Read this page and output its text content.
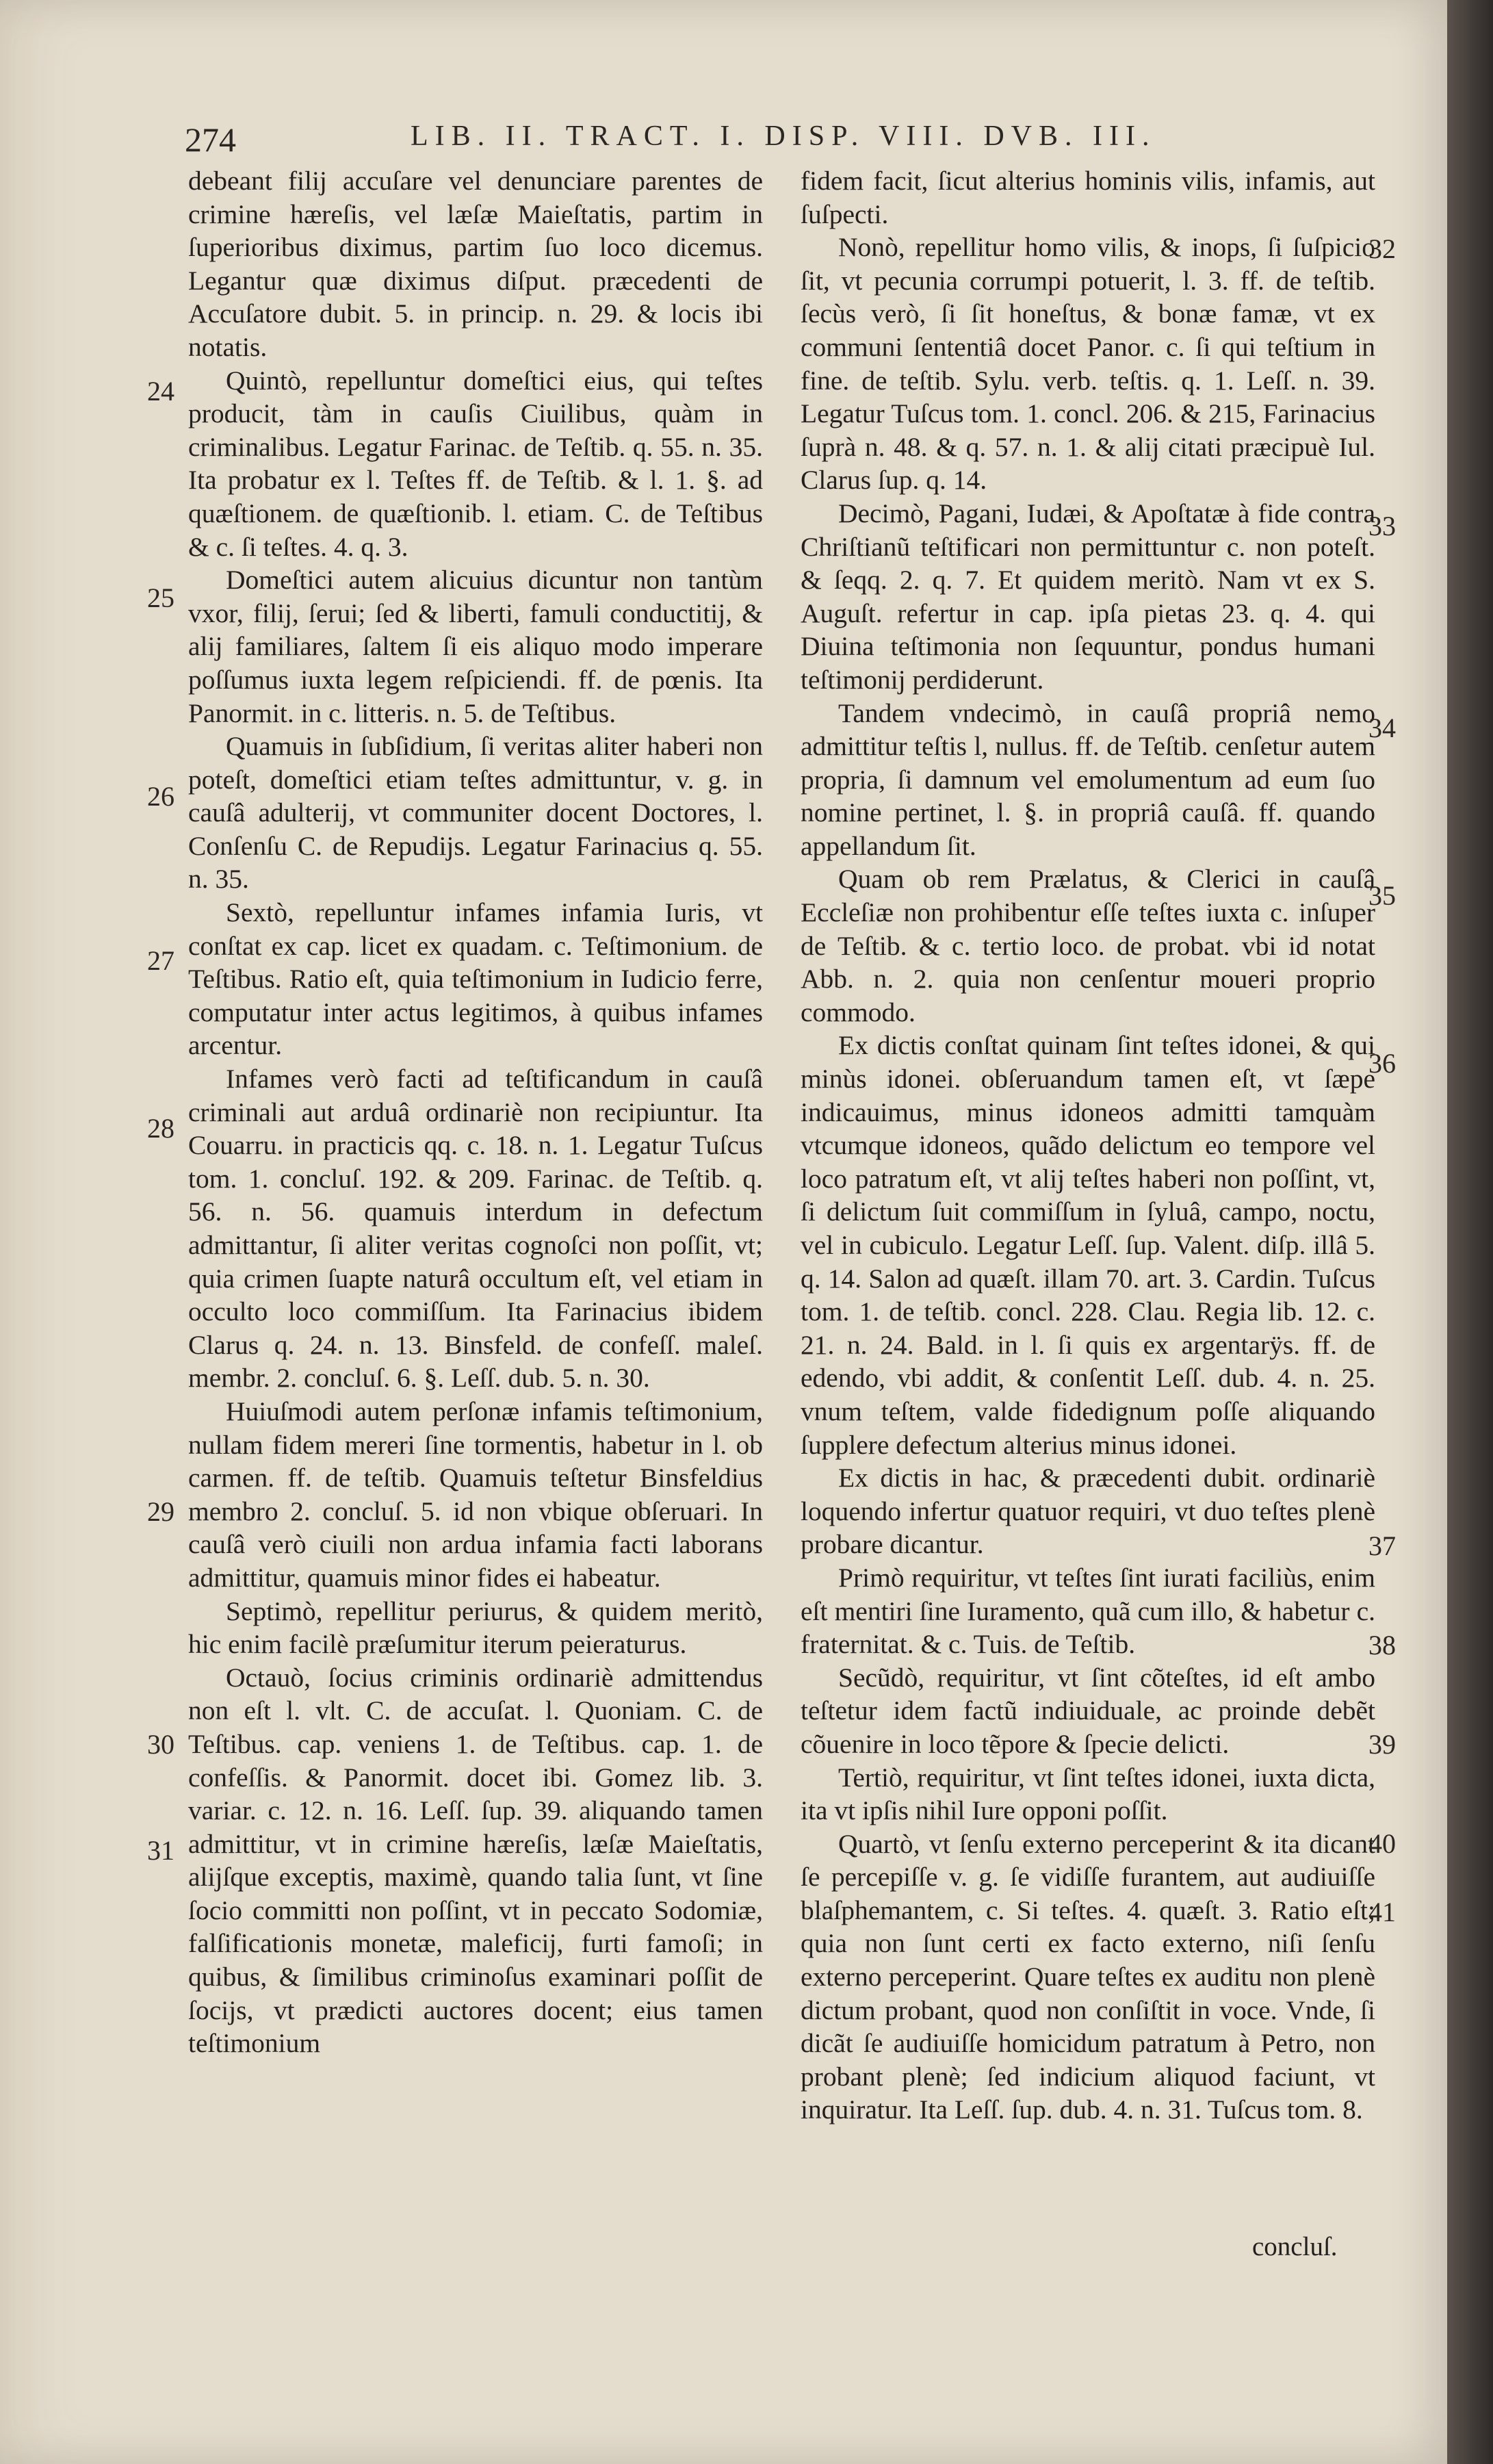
274	LIB. II. TRACT. I. DISP. VIII. DVB. III.

debeant filij accuſare vel denunciare parentes de crimine hæreſis, vel læſæ Maieſtatis, partim in ſuperioribus diximus, partim ſuo loco dicemus. Legantur quæ diximus diſput. præcedenti de Accuſatore dubit. 5. in princip. n. 29. & locis ibi notatis.

Quintò, repelluntur domeſtici eius, qui teſtes producit, tàm in cauſis Ciuilibus, quàm in criminalibus. Legatur Farinac. de Teſtib. q. 55. n. 35. Ita probatur ex l. Teſtes ff. de Teſtib. & l. 1. §. ad quæſtionem. de quæſtionib. l. etiam. C. de Teſtibus & c. ſi teſtes. 4. q. 3.

Domeſtici autem alicuius dicuntur non tantùm vxor, filij, ſerui; ſed & liberti, famuli conductitij, & alij familiares, ſaltem ſi eis aliquo modo imperare poſſumus iuxta legem reſpiciendi. ff. de pœnis. Ita Panormit. in c. litteris. n. 5. de Teſtibus.

Quamuis in ſubſidium, ſi veritas aliter haberi non poteſt, domeſtici etiam teſtes admittuntur, v. g. in cauſâ adulterij, vt communiter docent Doctores, l. Conſenſu C. de Repudijs. Legatur Farinacius q. 55. n. 35.

Sextò, repelluntur infames infamia Iuris, vt conſtat ex cap. licet ex quadam. c. Teſtimonium. de Teſtibus. Ratio eſt, quia teſtimonium in Iudicio ferre, computatur inter actus legitimos, à quibus infames arcentur.

Infames verò facti ad teſtificandum in cauſâ criminali aut arduâ ordinariè non recipiuntur. Ita Couarru. in practicis qq. c. 18. n. 1. Legatur Tuſcus tom. 1. concluſ. 192. & 209. Farinac. de Teſtib. q. 56. n. 56. quamuis interdum in defectum admittantur, ſi aliter veritas cognoſci non poſſit, vt; quia crimen ſuapte naturâ occultum eſt, vel etiam in occulto loco commiſſum. Ita Farinacius ibidem Clarus q. 24. n. 13. Binsfeld. de confeſſ. maleſ. membr. 2. concluſ. 6. §. Leſſ. dub. 5. n. 30.

Huiuſmodi autem perſonæ infamis teſtimonium, nullam fidem mereri ſine tormentis, habetur in l. ob carmen. ff. de teſtib. Quamuis teſtetur Binsfeldius membro 2. concluſ. 5. id non vbique obſeruari. In cauſâ verò ciuili non ardua infamia facti laborans admittitur, quamuis minor fides ei habeatur.

Septimò, repellitur periurus, & quidem meritò, hic enim facilè præſumitur iterum peieraturus.

Octauò, ſocius criminis ordinariè admittendus non eſt l. vlt. C. de accuſat. l. Quoniam. C. de Teſtibus. cap. veniens 1. de Teſtibus. cap. 1. de confeſſis. & Panormit. docet ibi. Gomez lib. 3. variar. c. 12. n. 16. Leſſ. ſup. 39. aliquando tamen admittitur, vt in crimine hæreſis, læſæ Maieſtatis, alijſque exceptis, maximè, quando talia ſunt, vt ſine ſocio committi non poſſint, vt in peccato Sodomiæ, falſificationis monetæ, maleficij, furti famoſi; in quibus, & ſimilibus criminoſus examinari poſſit de ſocijs, vt prædicti auctores docent; eius tamen teſtimonium

fidem facit, ſicut alterius hominis vilis, infamis, aut ſuſpecti.

Nonò, repellitur homo vilis, & inops, ſi ſuſpicio ſit, vt pecunia corrumpi potuerit, l. 3. ff. de teſtib. ſecùs verò, ſi ſit honeſtus, & bonæ famæ, vt ex communi ſententiâ docet Panor. c. ſi qui teſtium in fine. de teſtib. Sylu. verb. teſtis. q. 1. Leſſ. n. 39. Legatur Tuſcus tom. 1. concl. 206. & 215, Farinacius ſuprà n. 48. & q. 57. n. 1. & alij citati præcipuè Iul. Clarus ſup. q. 14.

Decimò, Pagani, Iudæi, & Apoſtatæ à fide contra Chriſtianũ teſtificari non permittuntur c. non poteſt. & ſeqq. 2. q. 7. Et quidem meritò. Nam vt ex S. Auguſt. refertur in cap. ipſa pietas 23. q. 4. qui Diuina teſtimonia non ſequuntur, pondus humani teſtimonij perdiderunt.

Tandem vndecimò, in cauſâ propriâ nemo admittitur teſtis l, nullus. ff. de Teſtib. cenſetur autem propria, ſi damnum vel emolumentum ad eum ſuo nomine pertinet, l. §. in propriâ cauſâ. ff. quando appellandum ſit.

Quam ob rem Prælatus, & Clerici in cauſâ Eccleſiæ non prohibentur eſſe teſtes iuxta c. inſuper de Teſtib. & c. tertio loco. de probat. vbi id notat Abb. n. 2. quia non cenſentur moueri proprio commodo.

Ex dictis conſtat quinam ſint teſtes idonei, & qui minùs idonei. obſeruandum tamen eſt, vt ſæpe indicauimus, minus idoneos admitti tamquàm vtcumque idoneos, quãdo delictum eo tempore vel loco patratum eſt, vt alij teſtes haberi non poſſint, vt, ſi delictum ſuit commiſſum in ſyluâ, campo, noctu, vel in cubiculo. Legatur Leſſ. ſup. Valent. diſp. illâ 5. q. 14. Salon ad quæſt. illam 70. art. 3. Cardin. Tuſcus tom. 1. de teſtib. concl. 228. Clau. Regia lib. 12. c. 21. n. 24. Bald. in l. ſi quis ex argentarÿs. ff. de edendo, vbi addit, & conſentit Leſſ. dub. 4. n. 25. vnum teſtem, valde fidedignum poſſe aliquando ſupplere defectum alterius minus idonei.

Ex dictis in hac, & præcedenti dubit. ordinariè loquendo infertur quatuor requiri, vt duo teſtes plenè probare dicantur.

Primò requiritur, vt teſtes ſint iurati faciliùs, enim eſt mentiri ſine Iuramento, quã cum illo, & habetur c. fraternitat. & c. Tuis. de Teſtib.

Secũdò, requiritur, vt ſint cõteſtes, id eſt ambo teſtetur idem factũ indiuiduale, ac proinde debẽt cõuenire in loco tẽpore & ſpecie delicti.

Tertiò, requiritur, vt ſint teſtes idonei, iuxta dicta, ita vt ipſis nihil Iure opponi poſſit.

Quartò, vt ſenſu externo perceperint & ita dicant ſe percepiſſe v. g. ſe vidiſſe furantem, aut audiuiſſe blaſphemantem, c. Si teſtes. 4. quæſt. 3. Ratio eſt; quia non ſunt certi ex facto externo, niſi ſenſu externo perceperint. Quare teſtes ex auditu non plenè dictum probant, quod non conſiſtit in voce. Vnde, ſi dicãt ſe audiuiſſe homicidum patratum à Petro, non probant plenè; ſed indicium aliquod faciunt, vt inquiratur. Ita Leſſ. ſup. dub. 4. n. 31. Tuſcus tom. 8.

24
25
26
27
28
29
30
31
32
33
34
35
36
37
38
39
40
41
concluſ.
